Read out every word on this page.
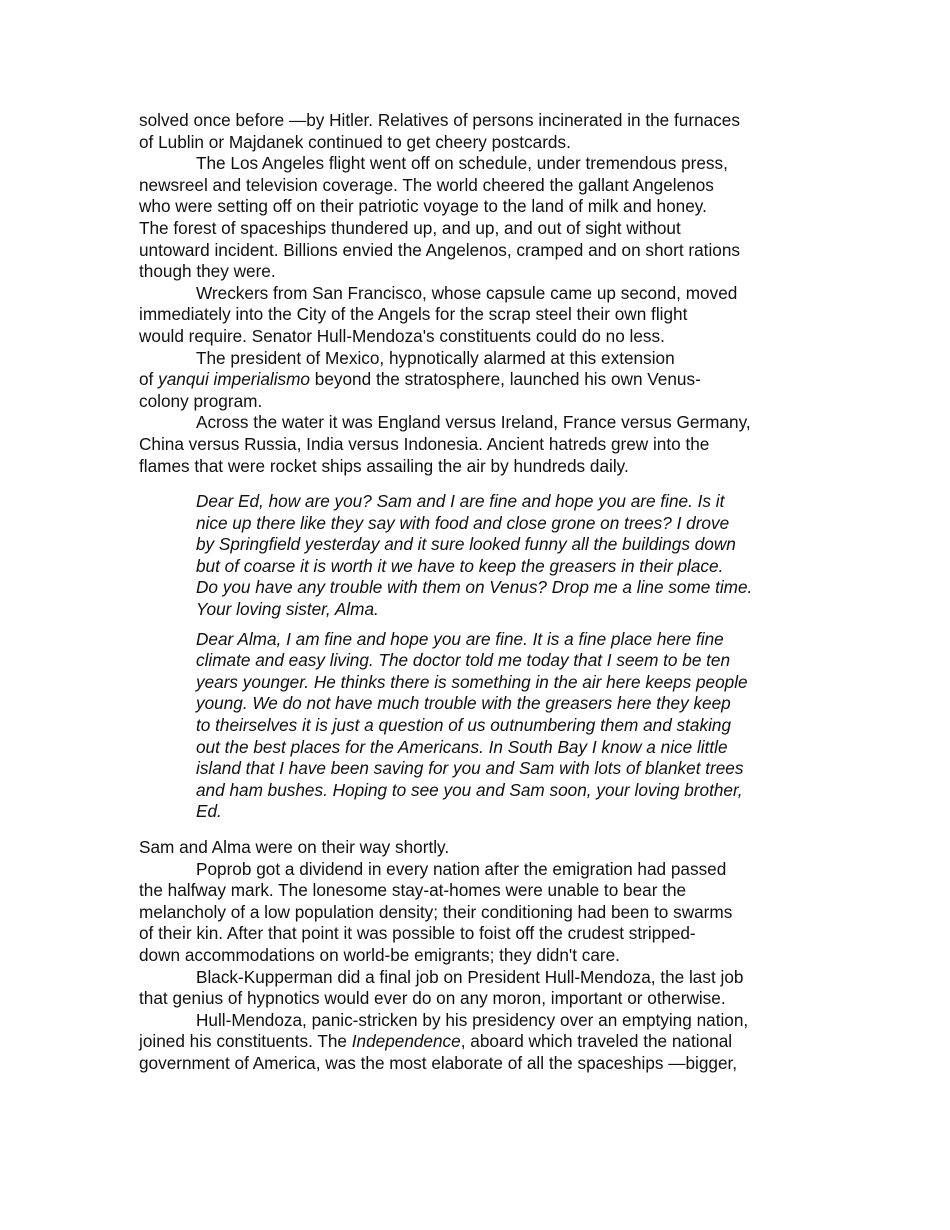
solved once before —by Hitler. Relatives of persons incinerated in the furnaces
of Lublin or Majdanek continued to get cheery postcards.
The Los Angeles flight went off on schedule, under tremendous press,
newsreel and television coverage. The world cheered the gallant Angelenos
who were setting off on their patriotic voyage to the land of milk and honey.
The forest of spaceships thundered up, and up, and out of sight without
untoward incident. Billions envied the Angelenos, cramped and on short rations
though they were.
Wreckers from San Francisco, whose capsule came up second, moved
immediately into the City of the Angels for the scrap steel their own flight
would require. Senator Hull-Mendoza's constituents could do no less.
The president of Mexico, hypnotically alarmed at this extension
of yanqui imperialismo beyond the stratosphere, launched his own Venus-
colony program.
Across the water it was England versus Ireland, France versus Germany,
China versus Russia, India versus Indonesia. Ancient hatreds grew into the
flames that were rocket ships assailing the air by hundreds daily.
Dear Ed, how are you? Sam and I are fine and hope you are fine. Is it
nice up there like they say with food and close grone on trees? I drove
by Springfield yesterday and it sure looked funny all the buildings down
but of coarse it is worth it we have to keep the greasers in their place.
Do you have any trouble with them on Venus? Drop me a line some time.
Your loving sister, Alma.
Dear Alma, I am fine and hope you are fine. It is a fine place here fine
climate and easy living. The doctor told me today that I seem to be ten
years younger. He thinks there is something in the air here keeps people
young. We do not have much trouble with the greasers here they keep
to theirselves it is just a question of us outnumbering them and staking
out the best places for the Americans. In South Bay I know a nice little
island that I have been saving for you and Sam with lots of blanket trees
and ham bushes. Hoping to see you and Sam soon, your loving brother,
Ed.
Sam and Alma were on their way shortly.
Poprob got a dividend in every nation after the emigration had passed
the halfway mark. The lonesome stay-at-homes were unable to bear the
melancholy of a low population density; their conditioning had been to swarms
of their kin. After that point it was possible to foist off the crudest stripped-
down accommodations on world-be emigrants; they didn't care.
Black-Kupperman did a final job on President Hull-Mendoza, the last job
that genius of hypnotics would ever do on any moron, important or otherwise.
Hull-Mendoza, panic-stricken by his presidency over an emptying nation,
joined his constituents. The Independence, aboard which traveled the national
government of America, was the most elaborate of all the spaceships —bigger,
